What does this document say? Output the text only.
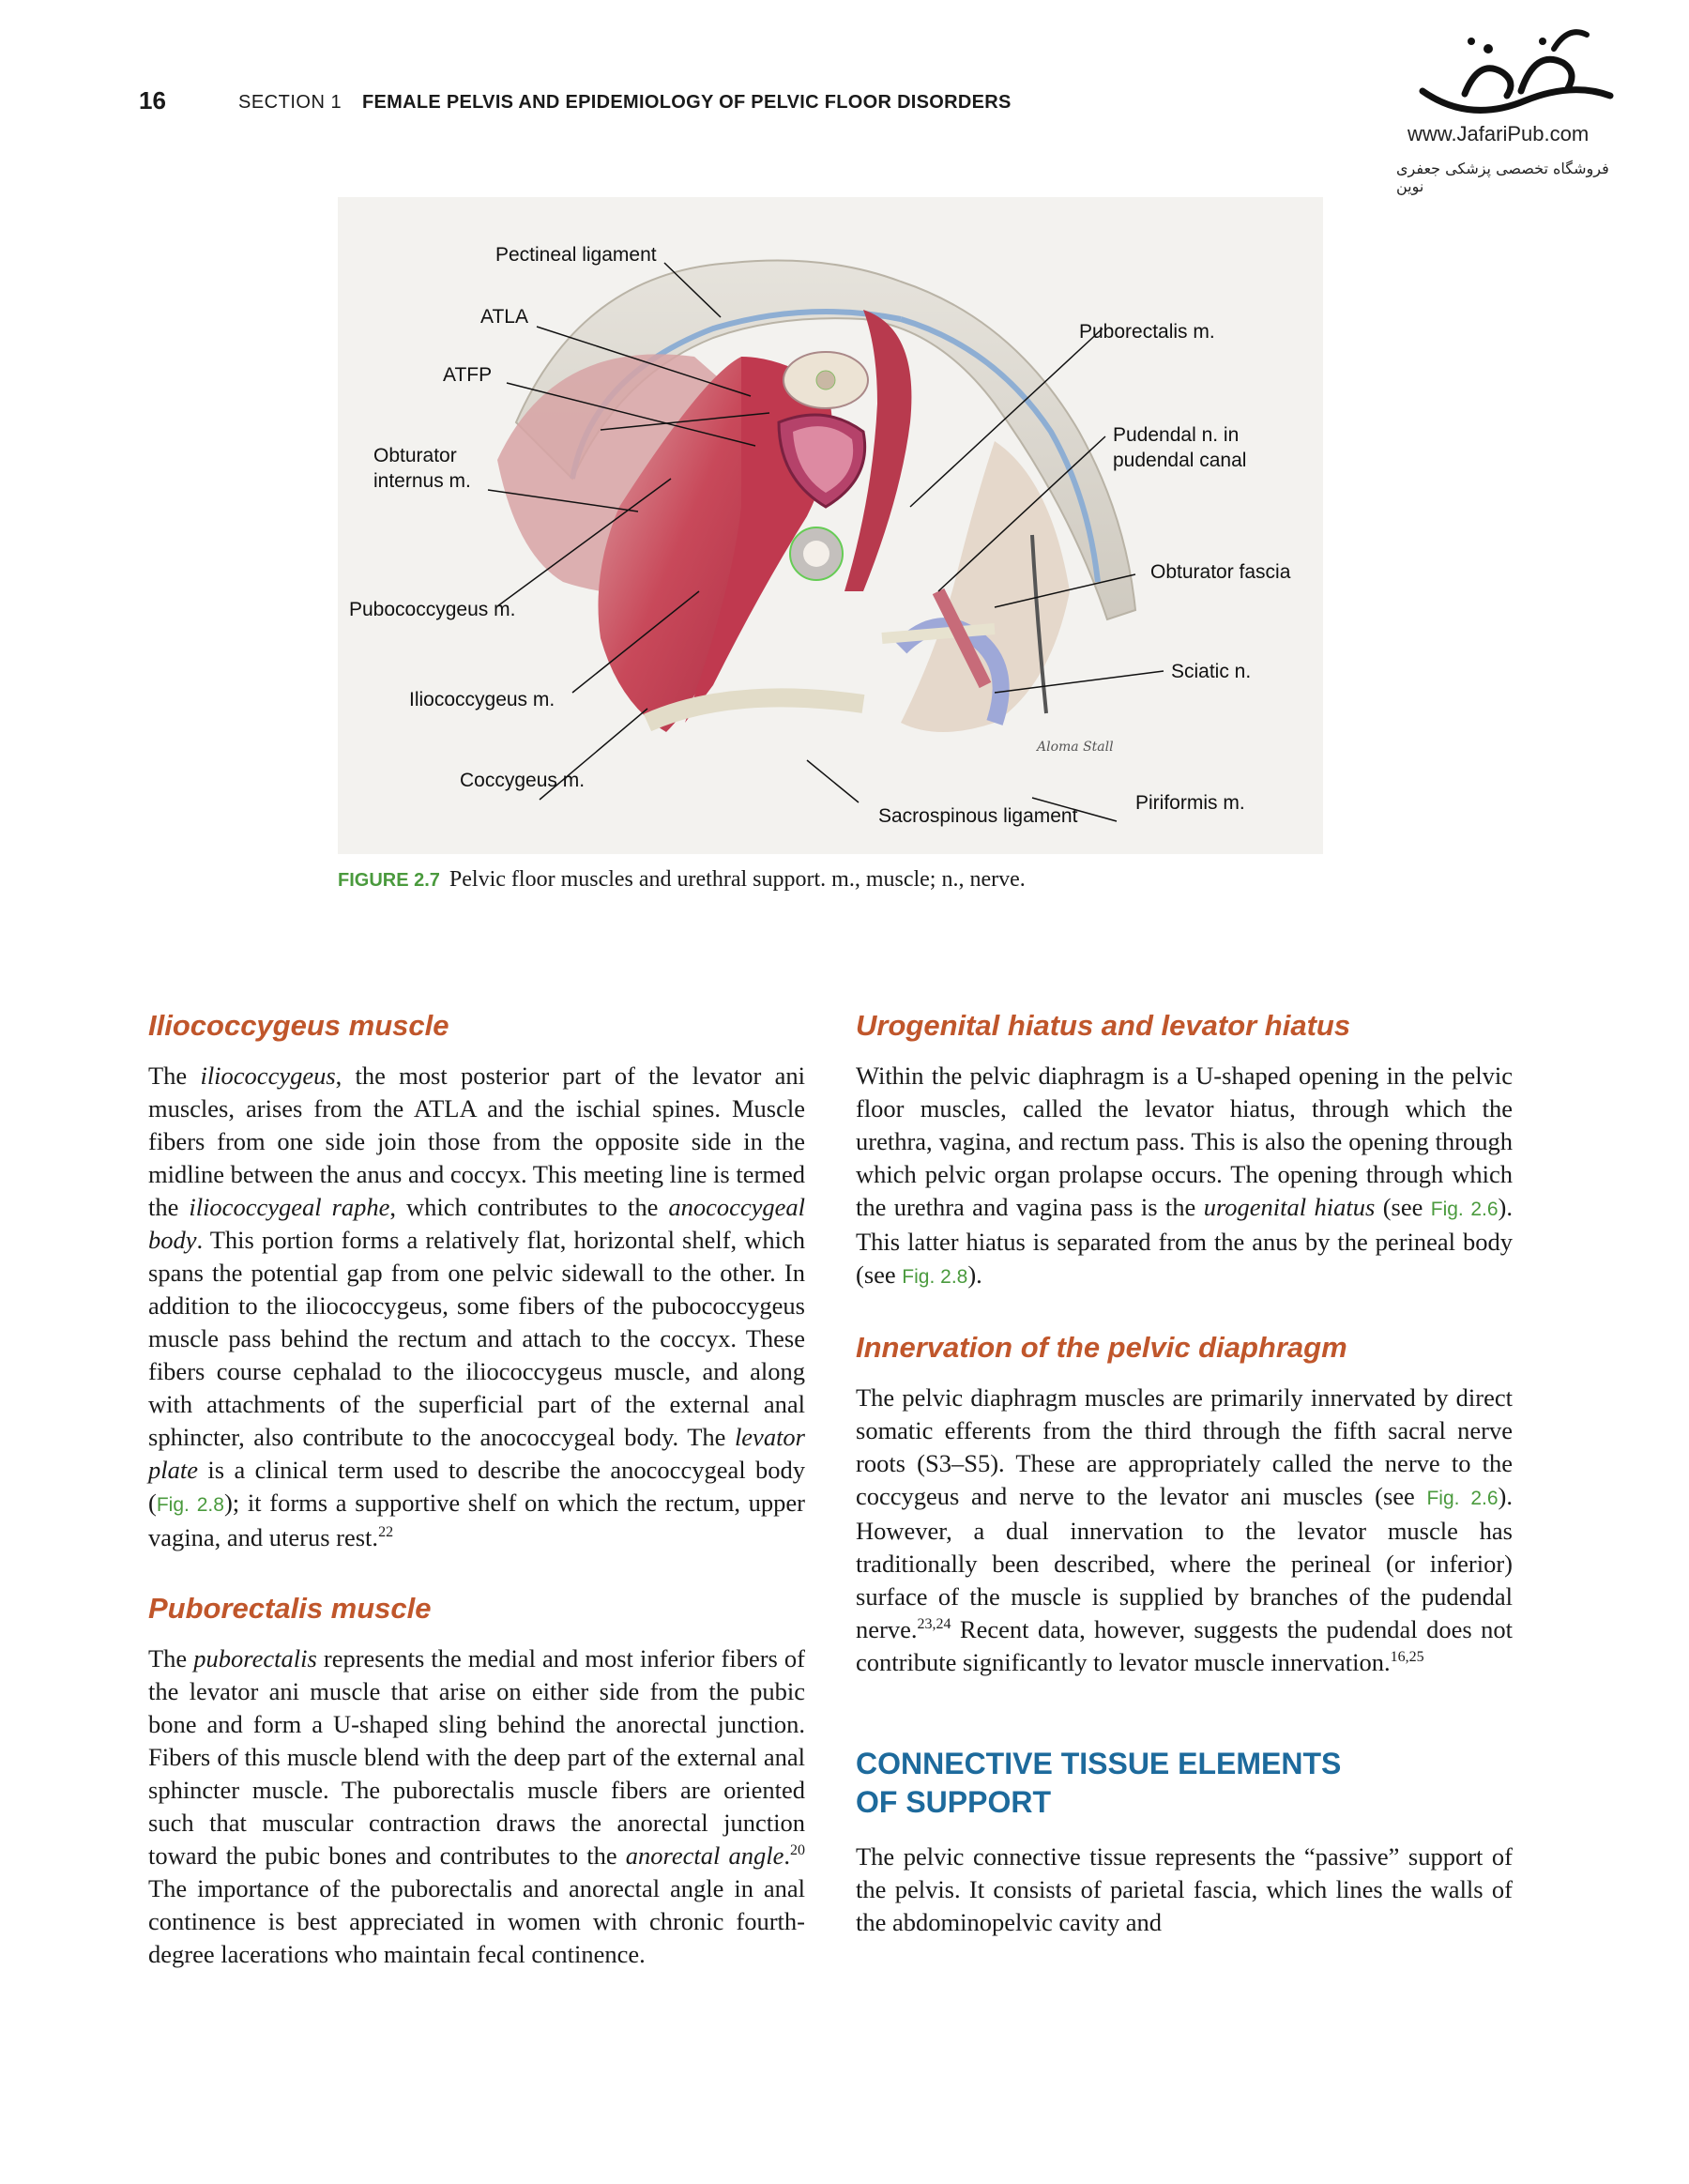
16	SECTION 1 FEMALE PELVIS AND EPIDEMIOLOGY OF PELVIC FLOOR DISORDERS
www.JafariPub.com
فروشگاه تخصصی پزشکی جعفری نوین
Aloma Stall
Pectineal ligament
ATLA
ATFP
Obturator
internus m.
Pubococcygeus m.
Iliococcygeus m.
Coccygeus m.
Sacrospinous ligament
Piriformis m.
Sciatic n.
Obturator fascia
Pudendal n. in
pudendal canal
Puborectalis m.
FIGURE 2.7 Pelvic floor muscles and urethral support. m., muscle; n., nerve.
Iliococcygeus muscle

The iliococcygeus, the most posterior part of the levator ani muscles, arises from the ATLA and the ischial spines. Muscle fibers from one side join those from the opposite side in the midline between the anus and coccyx. This meeting line is termed the iliococcygeal raphe, which contributes to the anococcygeal body. This portion forms a relatively flat, horizontal shelf, which spans the potential gap from one pelvic sidewall to the other. In addition to the iliococcygeus, some fibers of the pubococcygeus muscle pass behind the rectum and attach to the coccyx. These fibers course cephalad to the iliococcygeus muscle, and along with attachments of the superficial part of the external anal sphincter, also contribute to the anococcygeal body. The levator plate is a clinical term used to describe the anococcygeal body (Fig. 2.8); it forms a supportive shelf on which the rectum, upper vagina, and uterus rest.$^{22}$

Puborectalis muscle

The puborectalis represents the medial and most inferior fibers of the levator ani muscle that arise on either side from the pubic bone and form a U-shaped sling behind the anorectal junction. Fibers of this muscle blend with the deep part of the external anal sphincter muscle. The puborectalis muscle fibers are oriented such that muscular contraction draws the anorectal junction toward the pubic bones and contributes to the anorectal angle.$^{20}$ The importance of the puborectalis and anorectal angle in anal continence is best appreciated in women with chronic fourth-degree lacerations who maintain fecal continence.

Urogenital hiatus and levator hiatus

Within the pelvic diaphragm is a U-shaped opening in the pelvic floor muscles, called the levator hiatus, through which the urethra, vagina, and rectum pass. This is also the opening through which pelvic organ prolapse occurs. The opening through which the urethra and vagina pass is the urogenital hiatus (see Fig. 2.6). This latter hiatus is separated from the anus by the perineal body (see Fig. 2.8).

Innervation of the pelvic diaphragm

The pelvic diaphragm muscles are primarily innervated by direct somatic efferents from the third through the fifth sacral nerve roots (S3–S5). These are appropriately called the nerve to the coccygeus and nerve to the levator ani muscles (see Fig. 2.6). However, a dual innervation to the levator muscle has traditionally been described, where the perineal (or inferior) surface of the muscle is supplied by branches of the pudendal nerve.$^{23,24}$ Recent data, however, suggests the pudendal does not contribute significantly to levator muscle innervation.$^{16,25}$

CONNECTIVE TISSUE ELEMENTS
OF SUPPORT

The pelvic connective tissue represents the “passive” support of the pelvis. It consists of parietal fascia, which lines the walls of the abdominopelvic cavity and
